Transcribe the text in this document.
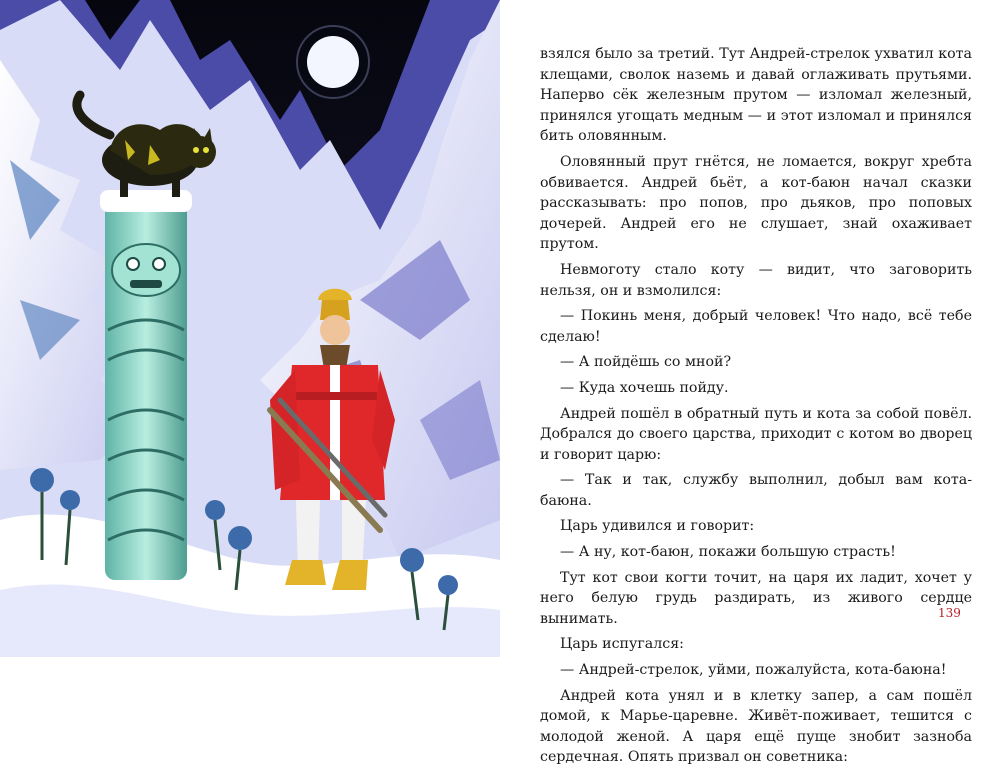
взялся было за третий. Тут Андрей-стрелок ухватил кота клещами, сволок наземь и давай оглаживать прутьями. Наперво сёк железным прутом — изломал железный, принялся угощать медным — и этот изломал и принялся бить оловянным.

Оловянный прут гнётся, не ломается, вокруг хребта обвивается. Андрей бьёт, а кот-баюн начал сказки рассказывать: про попов, про дьяков, про поповых дочерей. Андрей его не слушает, знай охаживает прутом.

Невмоготу стало коту — видит, что заговорить нельзя, он и взмолился:

— Покинь меня, добрый человек! Что надо, всё тебе сделаю!

— А пойдёшь со мной?

— Куда хочешь пойду.

Андрей пошёл в обратный путь и кота за собой повёл. Добрался до своего царства, приходит с котом во дворец и говорит царю:

— Так и так, службу выполнил, добыл вам кота-баюна.

Царь удивился и говорит:

— А ну, кот-баюн, покажи большую страсть!

Тут кот свои когти точит, на царя их ладит, хочет у него белую грудь раздирать, из живого сердце вынимать.

Царь испугался:

— Андрей-стрелок, уйми, пожалуйста, кота-баюна!

Андрей кота унял и в клетку запер, а сам пошёл домой, к Марье-царевне. Живёт-поживает, тешится с молодой женой. А царя ещё пуще знобит зазноба сердечная. Опять призвал он советника:

139
